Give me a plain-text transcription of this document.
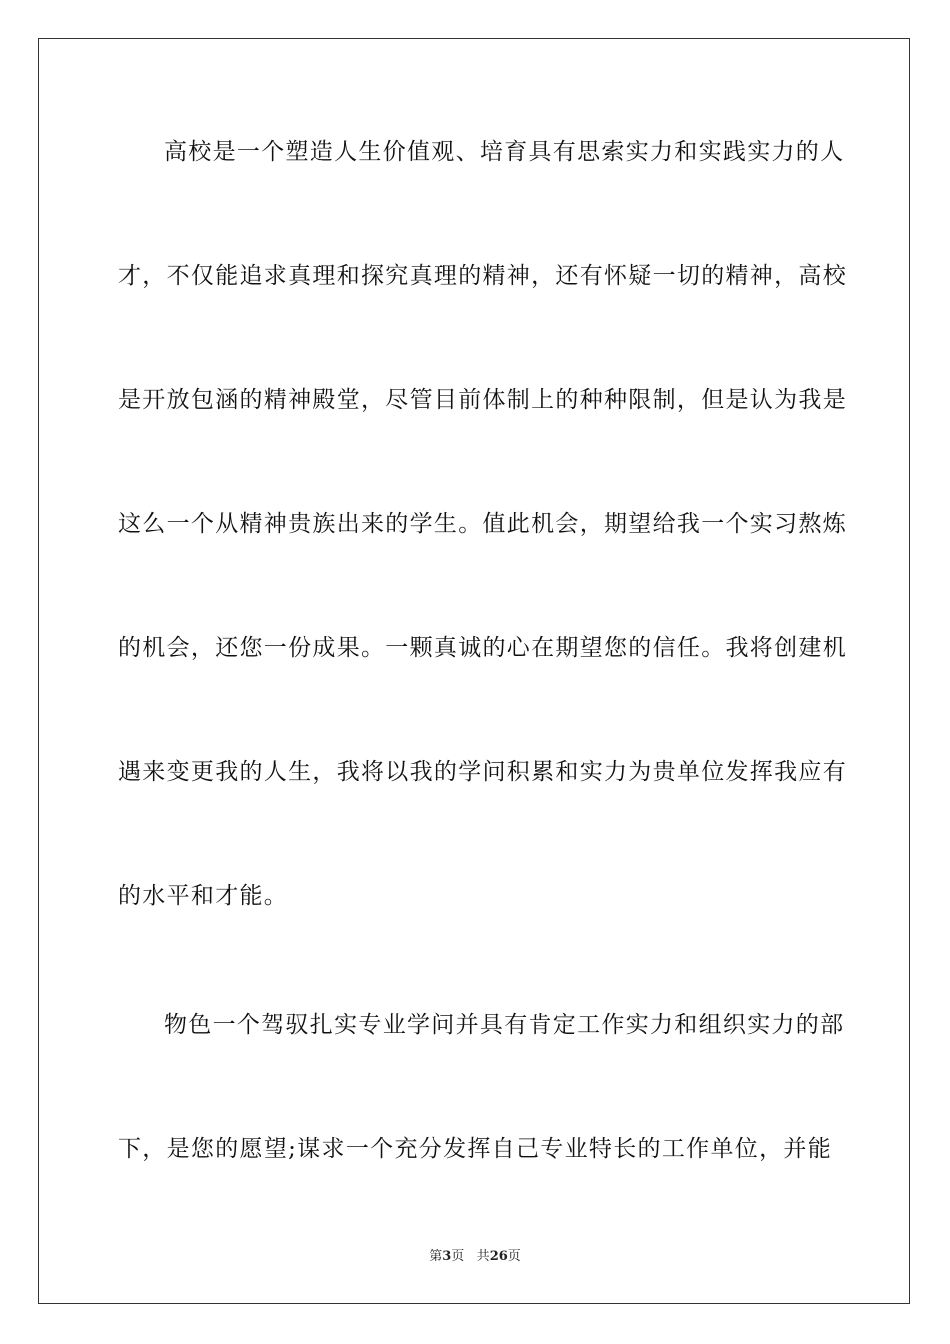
高校是一个塑造人生价值观、培育具有思索实力和实践实力的人
才，不仅能追求真理和探究真理的精神，还有怀疑一切的精神，高校
是开放包涵的精神殿堂，尽管目前体制上的种种限制，但是认为我是
这么一个从精神贵族出来的学生。值此机会，期望给我一个实习熬炼
的机会，还您一份成果。一颗真诚的心在期望您的信任。我将创建机
遇来变更我的人生，我将以我的学问积累和实力为贵单位发挥我应有
的水平和才能。
物色一个驾驭扎实专业学问并具有肯定工作实力和组织实力的部
下，是您的愿望;谋求一个充分发挥自己专业特长的工作单位，并能
第3页 共26页
